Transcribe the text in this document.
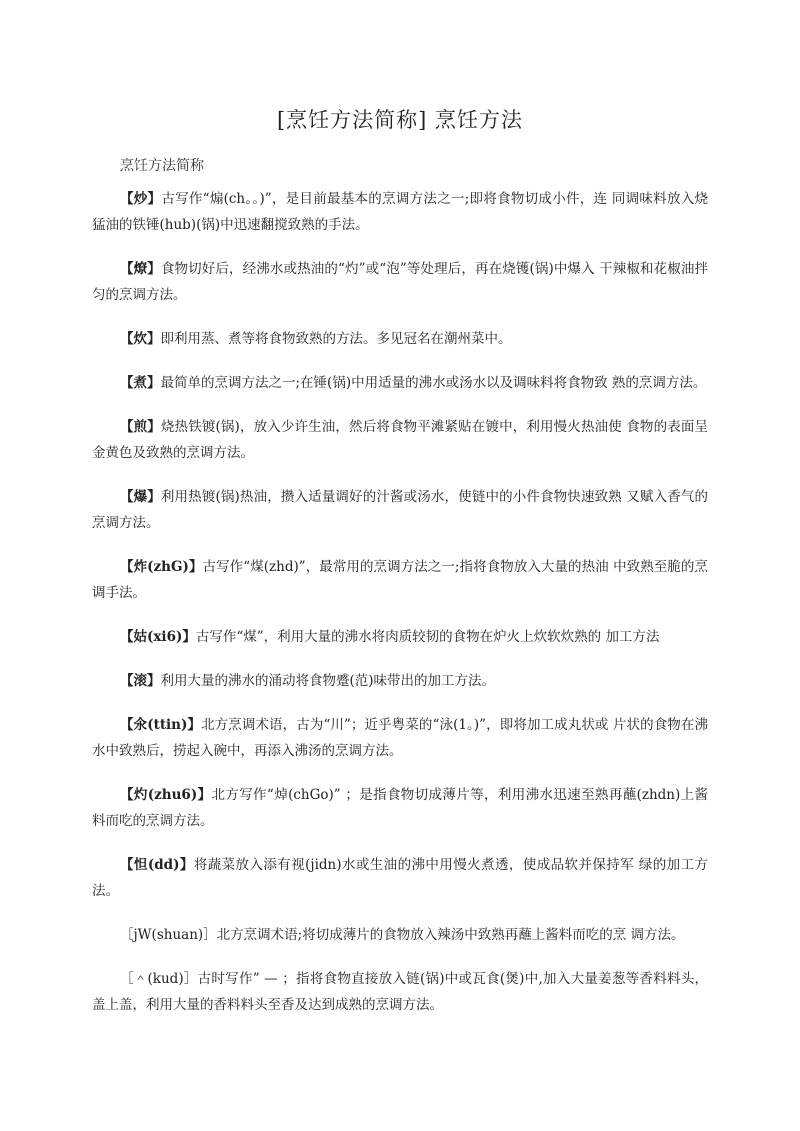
[烹饪方法简称] 烹饪方法
烹饪方法简称

【炒】古写作“煽(ch。。)”，是目前最基本的烹调方法之一;即将食物切成小件，连 同调味料放入烧猛油的铁锤(hub)(锅)中迅速翻搅致熟的手法。

【燎】食物切好后，经沸水或热油的“灼”或“泡”等处理后，再在烧镬(锅)中爆入 干辣椒和花椒油拌匀的烹调方法。

【炊】即利用蒸、煮等将食物致熟的方法。多见冠名在潮州菜中。

【煮】最简单的烹调方法之一;在锤(锅)中用适量的沸水或汤水以及调味料将食物致 熟的烹调方法。

【煎】烧热铁镀(锅)，放入少许生油，然后将食物平滩紧贴在镀中，利用慢火热油使 食物的表面呈金黄色及致熟的烹调方法。

【爆】利用热镀(锅)热油，攒入适量调好的汁酱或汤水，使链中的小件食物快速致熟 又赋入香气的烹调方法。

【炸(zhG)】古写作“煤(zhd)”，最常用的烹调方法之一;指将食物放入大量的热油 中致熟至脆的烹调手法。

【姑(xi6)】古写作“煤”，利用大量的沸水将肉质较韧的食物在炉火上炊软炊熟的 加工方法

【滚】利用大量的沸水的涌动将食物蹙(范)味带出的加工方法。

【氽(ttin)】北方烹调术语，古为“川”；近乎粤菜的“泳(1。)”，即将加工成丸状或 片状的食物在沸水中致熟后，捞起入碗中，再添入沸汤的烹调方法。

【灼(zhu6)】北方写作“焯(chGo)” ；是指食物切成薄片等，利用沸水迅速至熟再蘸(zhdn)上酱料而吃的烹调方法。

【怛(dd)】将蔬菜放入添有视(jidn)水或生油的沸中用慢火煮透，使成品软并保持军 绿的加工方法。

［jW(shuan)］北方烹调术语;将切成薄片的食物放入辣汤中致熟再蘸上酱料而吃的烹 调方法。

［＾(kud)］古时写作” — ；指将食物直接放入链(锅)中或瓦食(煲)中,加入大量姜葱等香料料头，盖上盖，利用大量的香料料头至香及达到成熟的烹调方法。
